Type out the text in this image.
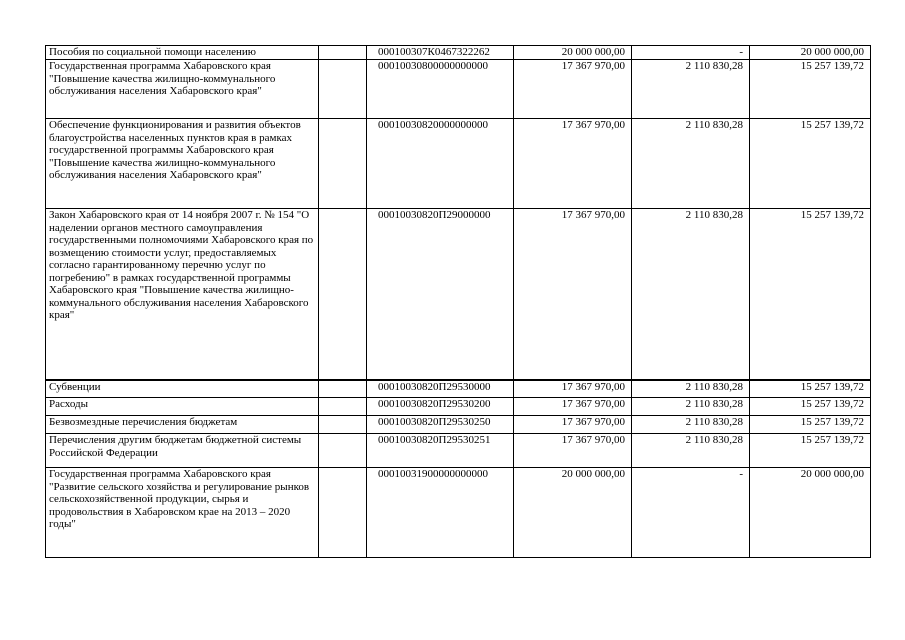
Пособия по социальной помощи населению		000100307К0467322262	20 000 000,00	-	20 000 000,00
Государственная программа Хабаровского края "Повышение качества жилищно-коммунального обслуживания населения Хабаровского края"		00010030800000000000	17 367 970,00	2 110 830,28	15 257 139,72
Обеспечение функционирования и развития объектов благоустройства населенных пунктов края в рамках государственной программы Хабаровского края "Повышение качества жилищно-коммунального обслуживания населения Хабаровского края"		00010030820000000000	17 367 970,00	2 110 830,28	15 257 139,72
Закон Хабаровского края от 14 ноября 2007 г. № 154 "О наделении органов местного самоуправления государственными полномочиями Хабаровского края по возмещению стоимости услуг, предоставляемых согласно гарантированному перечню услуг по погребению" в рамках государственной программы Хабаровского края "Повышение качества жилищно-коммунального обслуживания населения Хабаровского края"		00010030820П29000000	17 367 970,00	2 110 830,28	15 257 139,72
Субвенции		00010030820П29530000	17 367 970,00	2 110 830,28	15 257 139,72
Расходы		00010030820П29530200	17 367 970,00	2 110 830,28	15 257 139,72
Безвозмездные перечисления бюджетам		00010030820П29530250	17 367 970,00	2 110 830,28	15 257 139,72
Перечисления другим бюджетам бюджетной системы Российской Федерации		00010030820П29530251	17 367 970,00	2 110 830,28	15 257 139,72
Государственная программа Хабаровского края "Развитие сельского хозяйства и регулирование рынков сельскохозяйственной продукции, сырья и продовольствия в Хабаровском крае на 2013 – 2020 годы"		00010031900000000000	20 000 000,00	-	20 000 000,00
